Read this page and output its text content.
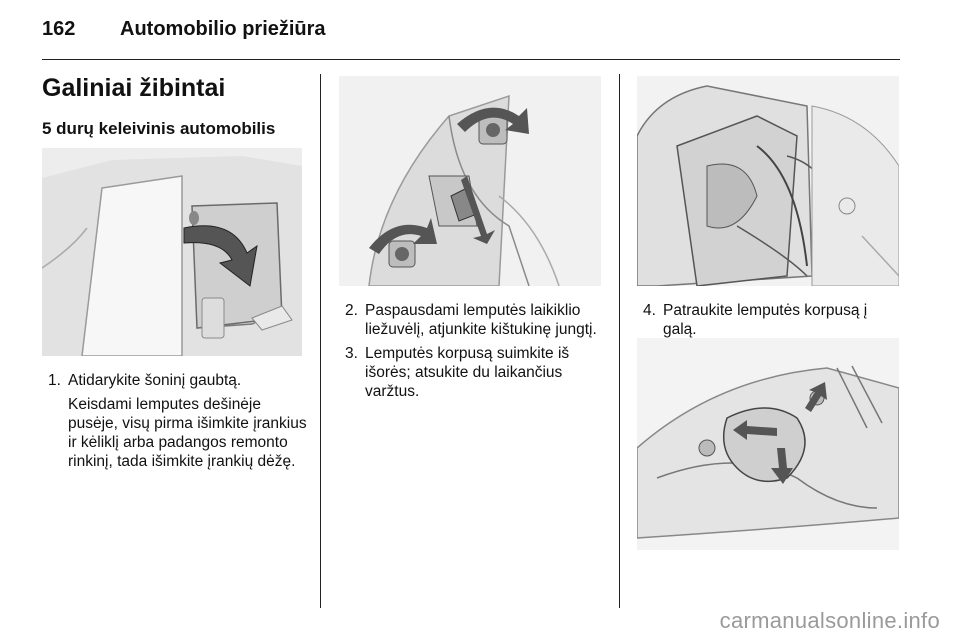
162	Automobilio priežiūra
Galiniai žibintai
5 durų keleivinis automobilis
1. Atidarykite šoninį gaubtą.
Keisdami lemputes dešinėje pusėje, visų pirma išimkite įrankius ir kėliklį arba padangos remonto rinkinį, tada išimkite įrankių dėžę.
2. Paspausdami lemputės laikiklio liežuvėlį, atjunkite kištukinę jungtį.
3. Lemputės korpusą suimkite iš išorės; atsukite du laikančius varžtus.
4. Patraukite lemputės korpusą į galą.
carmanualsonline.info
